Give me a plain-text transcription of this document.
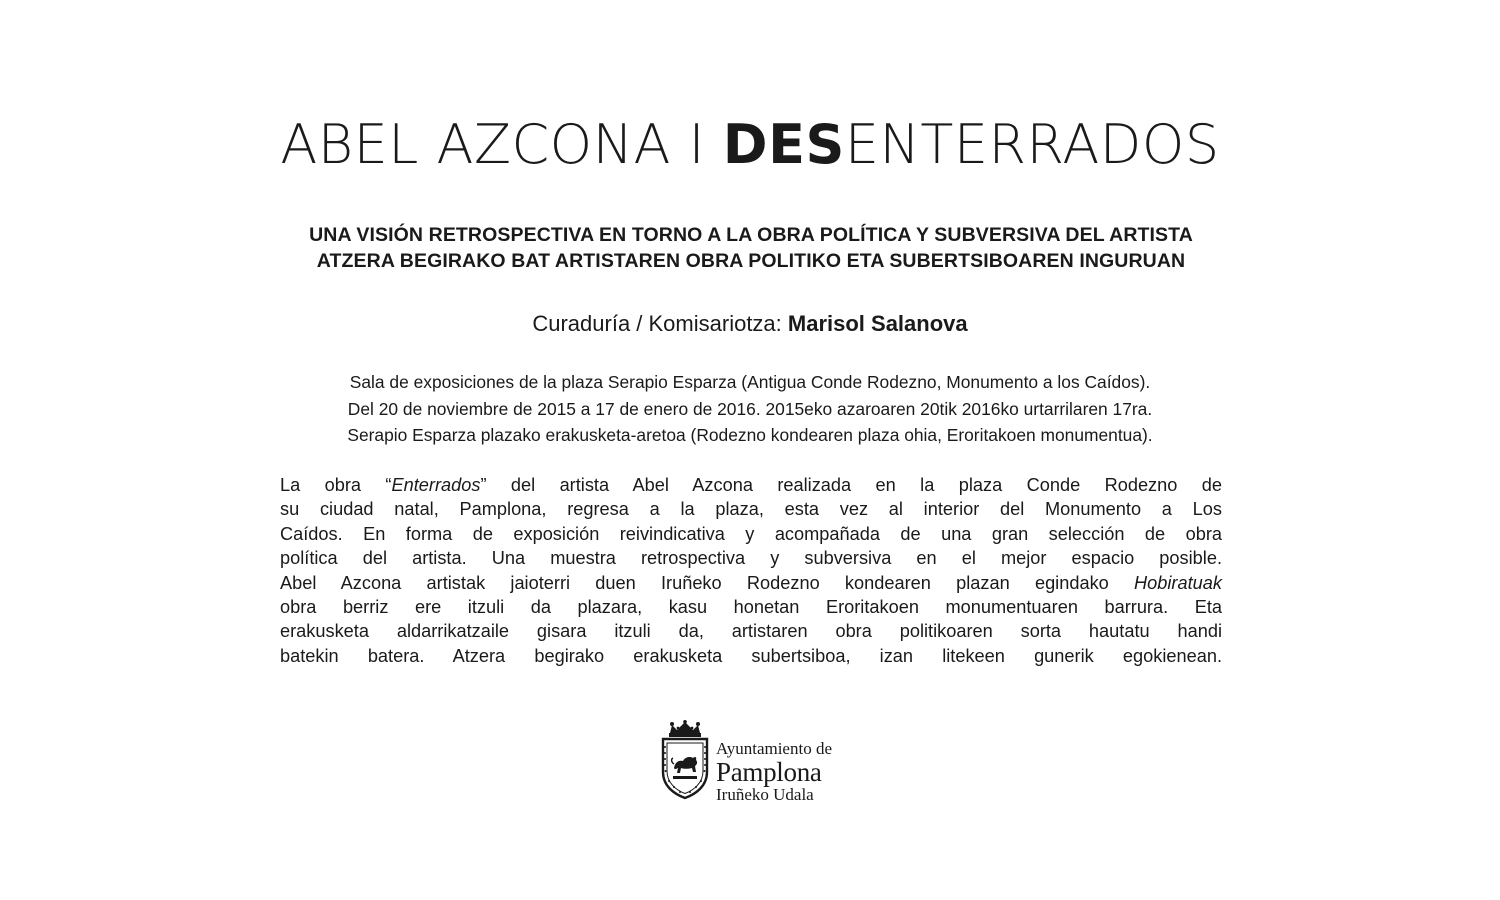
ABEL AZCONA I DESENTERRADOS
UNA VISIÓN RETROSPECTIVA EN TORNO A LA OBRA POLÍTICA Y SUBVERSIVA DEL ARTISTA
ATZERA BEGIRAKO BAT ARTISTAREN OBRA POLITIKO ETA SUBERTSIBOAREN INGURUAN
Curaduría / Komisariotza: Marisol Salanova
Sala de exposiciones de la plaza Serapio Esparza (Antigua Conde Rodezno, Monumento a los Caídos).
Del 20 de noviembre de 2015 a 17 de enero de 2016. 2015eko azaroaren 20tik 2016ko urtarrilaren 17ra.
Serapio Esparza plazako erakusketa-aretoa (Rodezno kondearen plaza ohia, Eroritakoen monumentua).
La obra “Enterrados” del artista Abel Azcona realizada en la plaza Conde Rodezno de
su ciudad natal, Pamplona, regresa a la plaza, esta vez al interior del Monumento a Los
Caídos. En forma de exposición reivindicativa y acompañada de una gran selección de obra
política del artista. Una muestra retrospectiva y subversiva en el mejor espacio posible.
Abel Azcona artistak jaioterri duen Iruñeko Rodezno kondearen plazan egindako Hobiratuak
obra berriz ere itzuli da plazara, kasu honetan Eroritakoen monumentuaren barrura. Eta
erakusketa aldarrikatzaile gisara itzuli da, artistaren obra politikoaren sorta hautatu handi
batekin batera. Atzera begirako erakusketa subertsiboa, izan litekeen gunerik egokienean.
Ayuntamiento de
Pamplona
Iruñeko Udala
